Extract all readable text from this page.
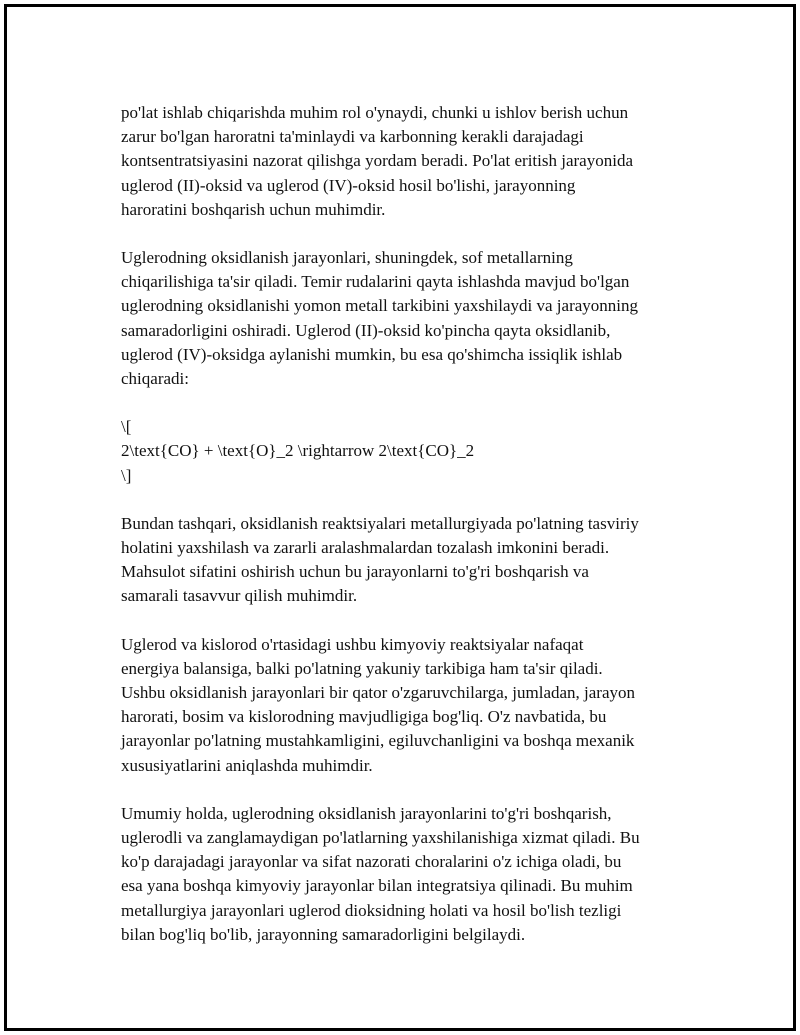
po'lat ishlab chiqarishda muhim rol o'ynaydi, chunki u ishlov berish uchun
zarur bo'lgan haroratni ta'minlaydi va karbonning kerakli darajadagi
kontsentratsiyasini nazorat qilishga yordam beradi. Po'lat eritish jarayonida
uglerod (II)-oksid va uglerod (IV)-oksid hosil bo'lishi, jarayonning
haroratini boshqarish uchun muhimdir.

Uglerodning oksidlanish jarayonlari, shuningdek, sof metallarning
chiqarilishiga ta'sir qiladi. Temir rudalarini qayta ishlashda mavjud bo'lgan
uglerodning oksidlanishi yomon metall tarkibini yaxshilaydi va jarayonning
samaradorligini oshiradi. Uglerod (II)-oksid ko'pincha qayta oksidlanib,
uglerod (IV)-oksidga aylanishi mumkin, bu esa qo'shimcha issiqlik ishlab
chiqaradi:

\[
2\text{CO} + \text{O}_2 \rightarrow 2\text{CO}_2
\]

Bundan tashqari, oksidlanish reaktsiyalari metallurgiyada po'latning tasviriy
holatini yaxshilash va zararli aralashmalardan tozalash imkonini beradi.
Mahsulot sifatini oshirish uchun bu jarayonlarni to'g'ri boshqarish va
samarali tasavvur qilish muhimdir.

Uglerod va kislorod o'rtasidagi ushbu kimyoviy reaktsiyalar nafaqat
energiya balansiga, balki po'latning yakuniy tarkibiga ham ta'sir qiladi.
Ushbu oksidlanish jarayonlari bir qator o'zgaruvchilarga, jumladan, jarayon
harorati, bosim va kislorodning mavjudligiga bog'liq. O'z navbatida, bu
jarayonlar po'latning mustahkamligini, egiluvchanligini va boshqa mexanik
xususiyatlarini aniqlashda muhimdir.

Umumiy holda, uglerodning oksidlanish jarayonlarini to'g'ri boshqarish,
uglerodli va zanglamaydigan po'latlarning yaxshilanishiga xizmat qiladi. Bu
ko'p darajadagi jarayonlar va sifat nazorati choralarini o'z ichiga oladi, bu
esa yana boshqa kimyoviy jarayonlar bilan integratsiya qilinadi. Bu muhim
metallurgiya jarayonlari uglerod dioksidning holati va hosil bo'lish tezligi
bilan bog'liq bo'lib, jarayonning samaradorligini belgilaydi.
